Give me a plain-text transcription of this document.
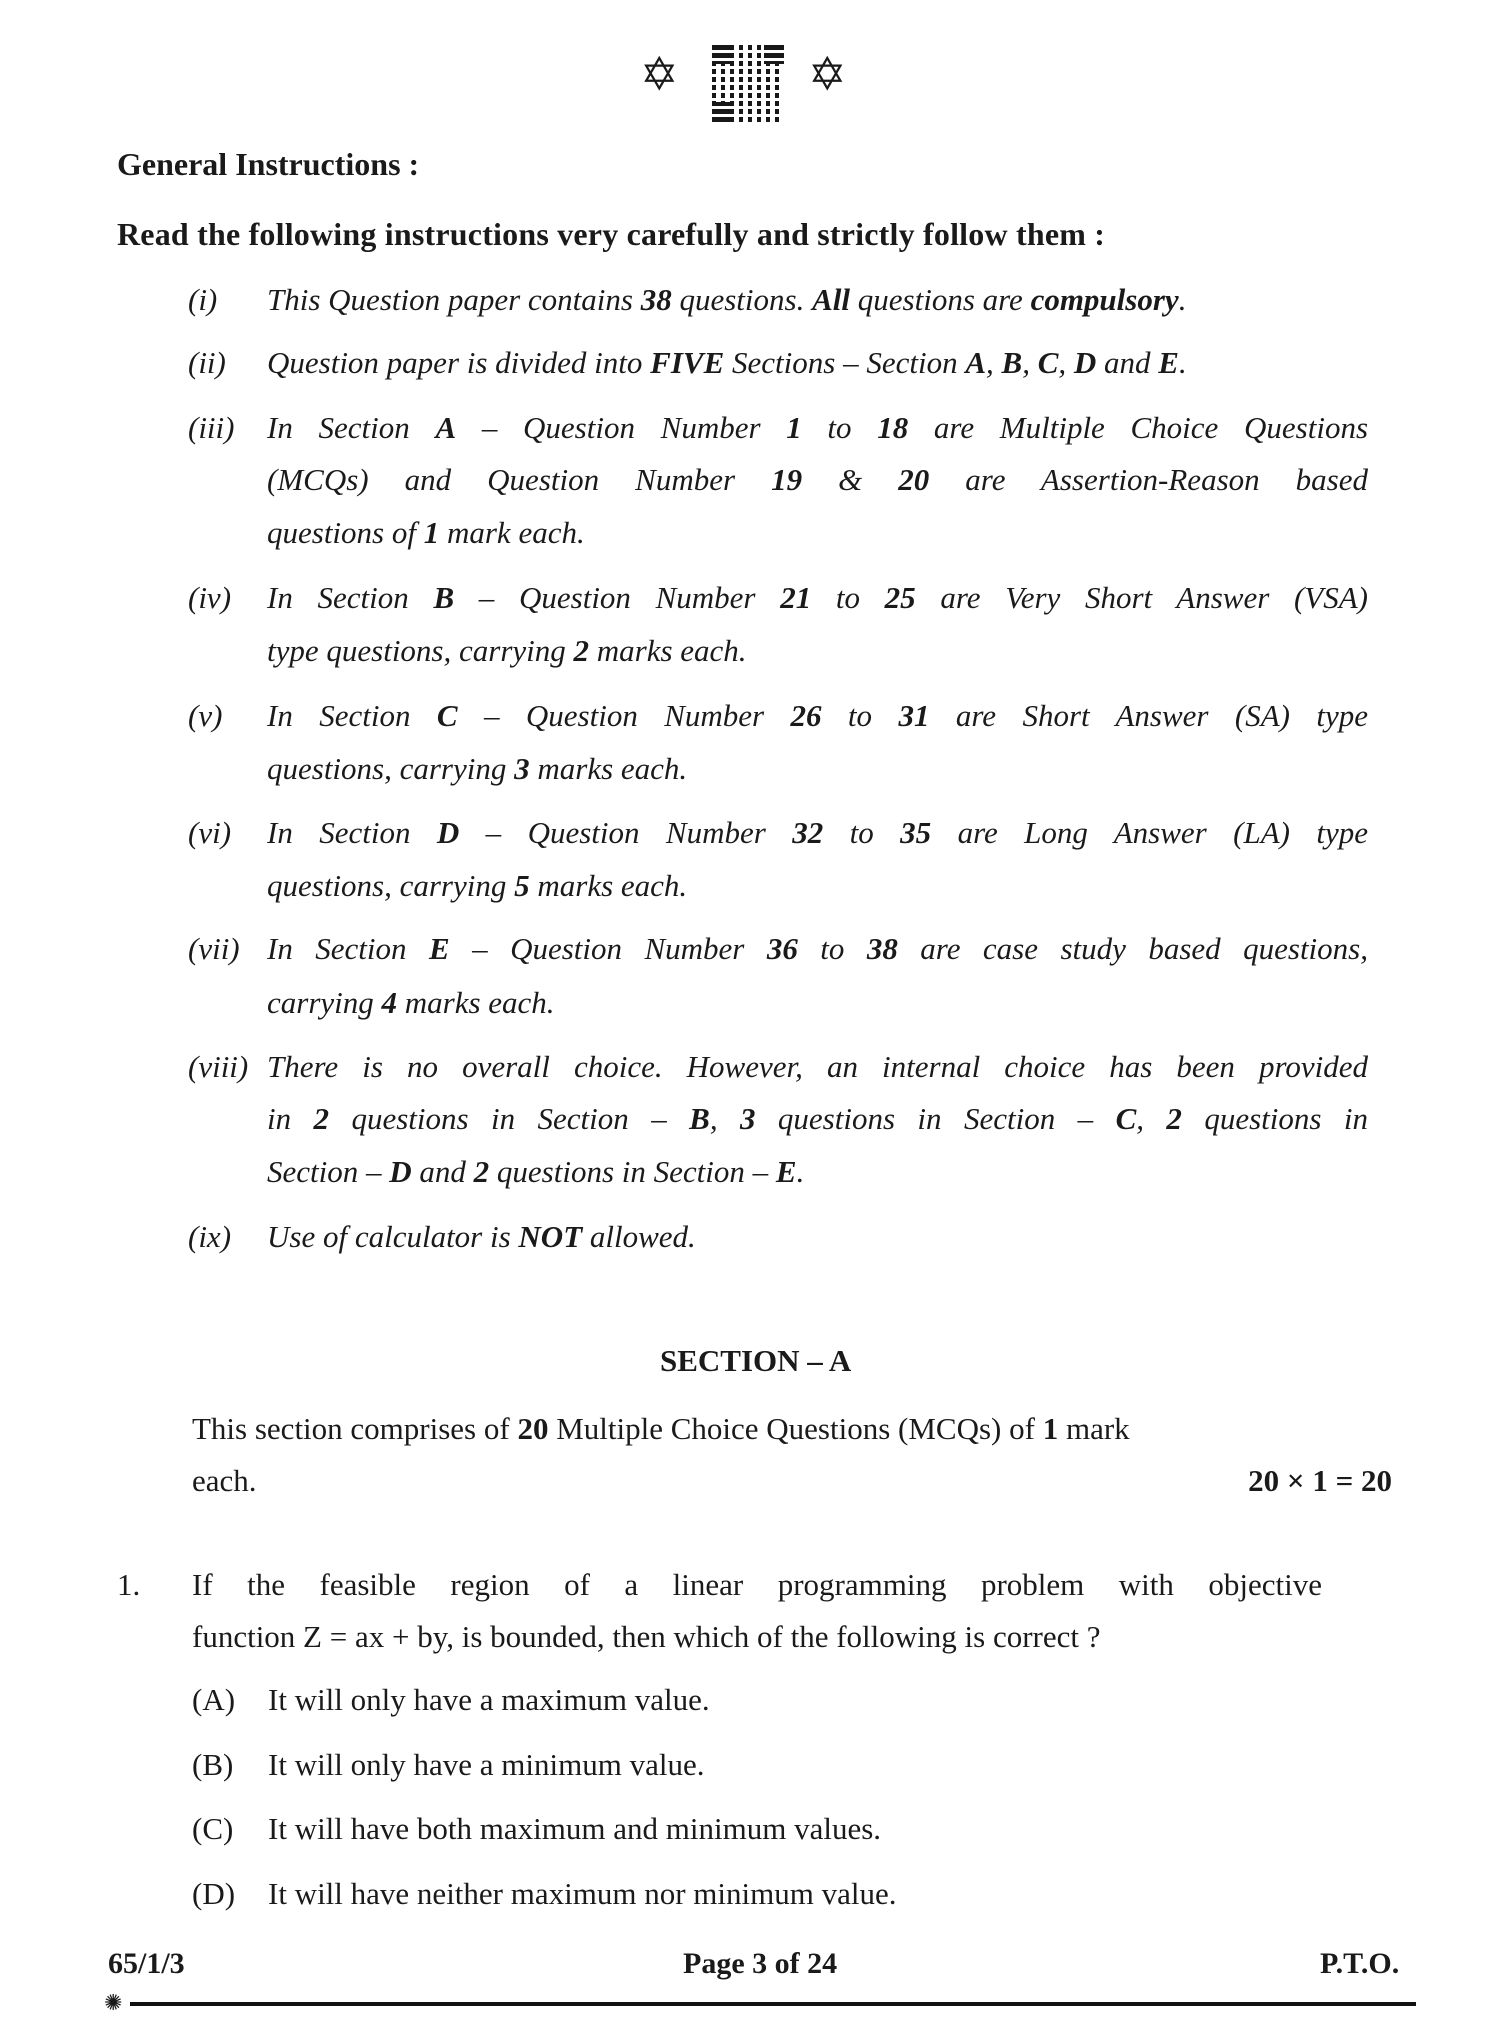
✡	✡
General Instructions :
Read the following instructions very carefully and strictly follow them :
(i) This Question paper contains 38 questions. All questions are compulsory.
(ii) Question paper is divided into FIVE Sections – Section A, B, C, D and E.
(iii) In Section A – Question Number 1 to 18 are Multiple Choice Questions
(MCQs) and Question Number 19 & 20 are Assertion-Reason based
questions of 1 mark each.
(iv) In Section B – Question Number 21 to 25 are Very Short Answer (VSA)
type questions, carrying 2 marks each.
(v) In Section C – Question Number 26 to 31 are Short Answer (SA) type
questions, carrying 3 marks each.
(vi) In Section D – Question Number 32 to 35 are Long Answer (LA) type
questions, carrying 5 marks each.
(vii) In Section E – Question Number 36 to 38 are case study based questions,
carrying 4 marks each.
(viii) There is no overall choice. However, an internal choice has been provided
in 2 questions in Section – B, 3 questions in Section – C, 2 questions in
Section – D and 2 questions in Section – E.
(ix) Use of calculator is NOT allowed.
SECTION – A
This section comprises of 20 Multiple Choice Questions (MCQs) of 1 mark
each.	20 × 1 = 20
1. If the feasible region of a linear programming problem with objective
function Z = ax + by, is bounded, then which of the following is correct ?
(A) It will only have a maximum value.
(B) It will only have a minimum value.
(C) It will have both maximum and minimum values.
(D) It will have neither maximum nor minimum value.
65/1/3	Page 3 of 24	P.T.O.
✺
